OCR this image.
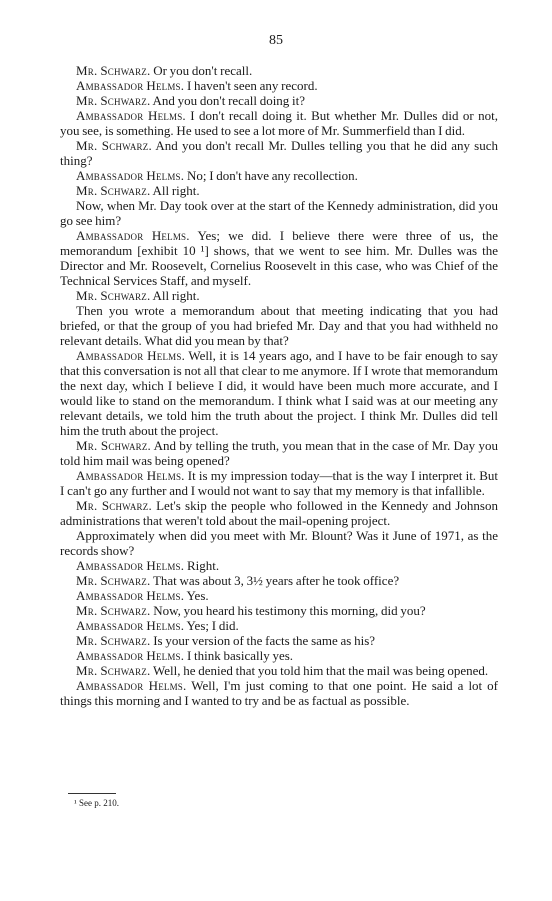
85

Mr. Schwarz. Or you don't recall.

Ambassador Helms. I haven't seen any record.

Mr. Schwarz. And you don't recall doing it?

Ambassador Helms. I don't recall doing it. But whether Mr. Dulles did or not, you see, is something. He used to see a lot more of Mr. Summerfield than I did.

Mr. Schwarz. And you don't recall Mr. Dulles telling you that he did any such thing?

Ambassador Helms. No; I don't have any recollection.

Mr. Schwarz. All right.

Now, when Mr. Day took over at the start of the Kennedy administration, did you go see him?

Ambassador Helms. Yes; we did. I believe there were three of us, the memorandum [exhibit 10 ¹] shows, that we went to see him. Mr. Dulles was the Director and Mr. Roosevelt, Cornelius Roosevelt in this case, who was Chief of the Technical Services Staff, and myself.

Mr. Schwarz. All right.

Then you wrote a memorandum about that meeting indicating that you had briefed, or that the group of you had briefed Mr. Day and that you had withheld no relevant details. What did you mean by that?

Ambassador Helms. Well, it is 14 years ago, and I have to be fair enough to say that this conversation is not all that clear to me anymore. If I wrote that memorandum the next day, which I believe I did, it would have been much more accurate, and I would like to stand on the memorandum. I think what I said was at our meeting any relevant details, we told him the truth about the project. I think Mr. Dulles did tell him the truth about the project.

Mr. Schwarz. And by telling the truth, you mean that in the case of Mr. Day you told him mail was being opened?

Ambassador Helms. It is my impression today—that is the way I interpret it. But I can't go any further and I would not want to say that my memory is that infallible.

Mr. Schwarz. Let's skip the people who followed in the Kennedy and Johnson administrations that weren't told about the mail-opening project.

Approximately when did you meet with Mr. Blount? Was it June of 1971, as the records show?

Ambassador Helms. Right.

Mr. Schwarz. That was about 3, 3½ years after he took office?

Ambassador Helms. Yes.

Mr. Schwarz. Now, you heard his testimony this morning, did you?

Ambassador Helms. Yes; I did.

Mr. Schwarz. Is your version of the facts the same as his?

Ambassador Helms. I think basically yes.

Mr. Schwarz. Well, he denied that you told him that the mail was being opened.

Ambassador Helms. Well, I'm just coming to that one point. He said a lot of things this morning and I wanted to try and be as factual as possible.

¹ See p. 210.
